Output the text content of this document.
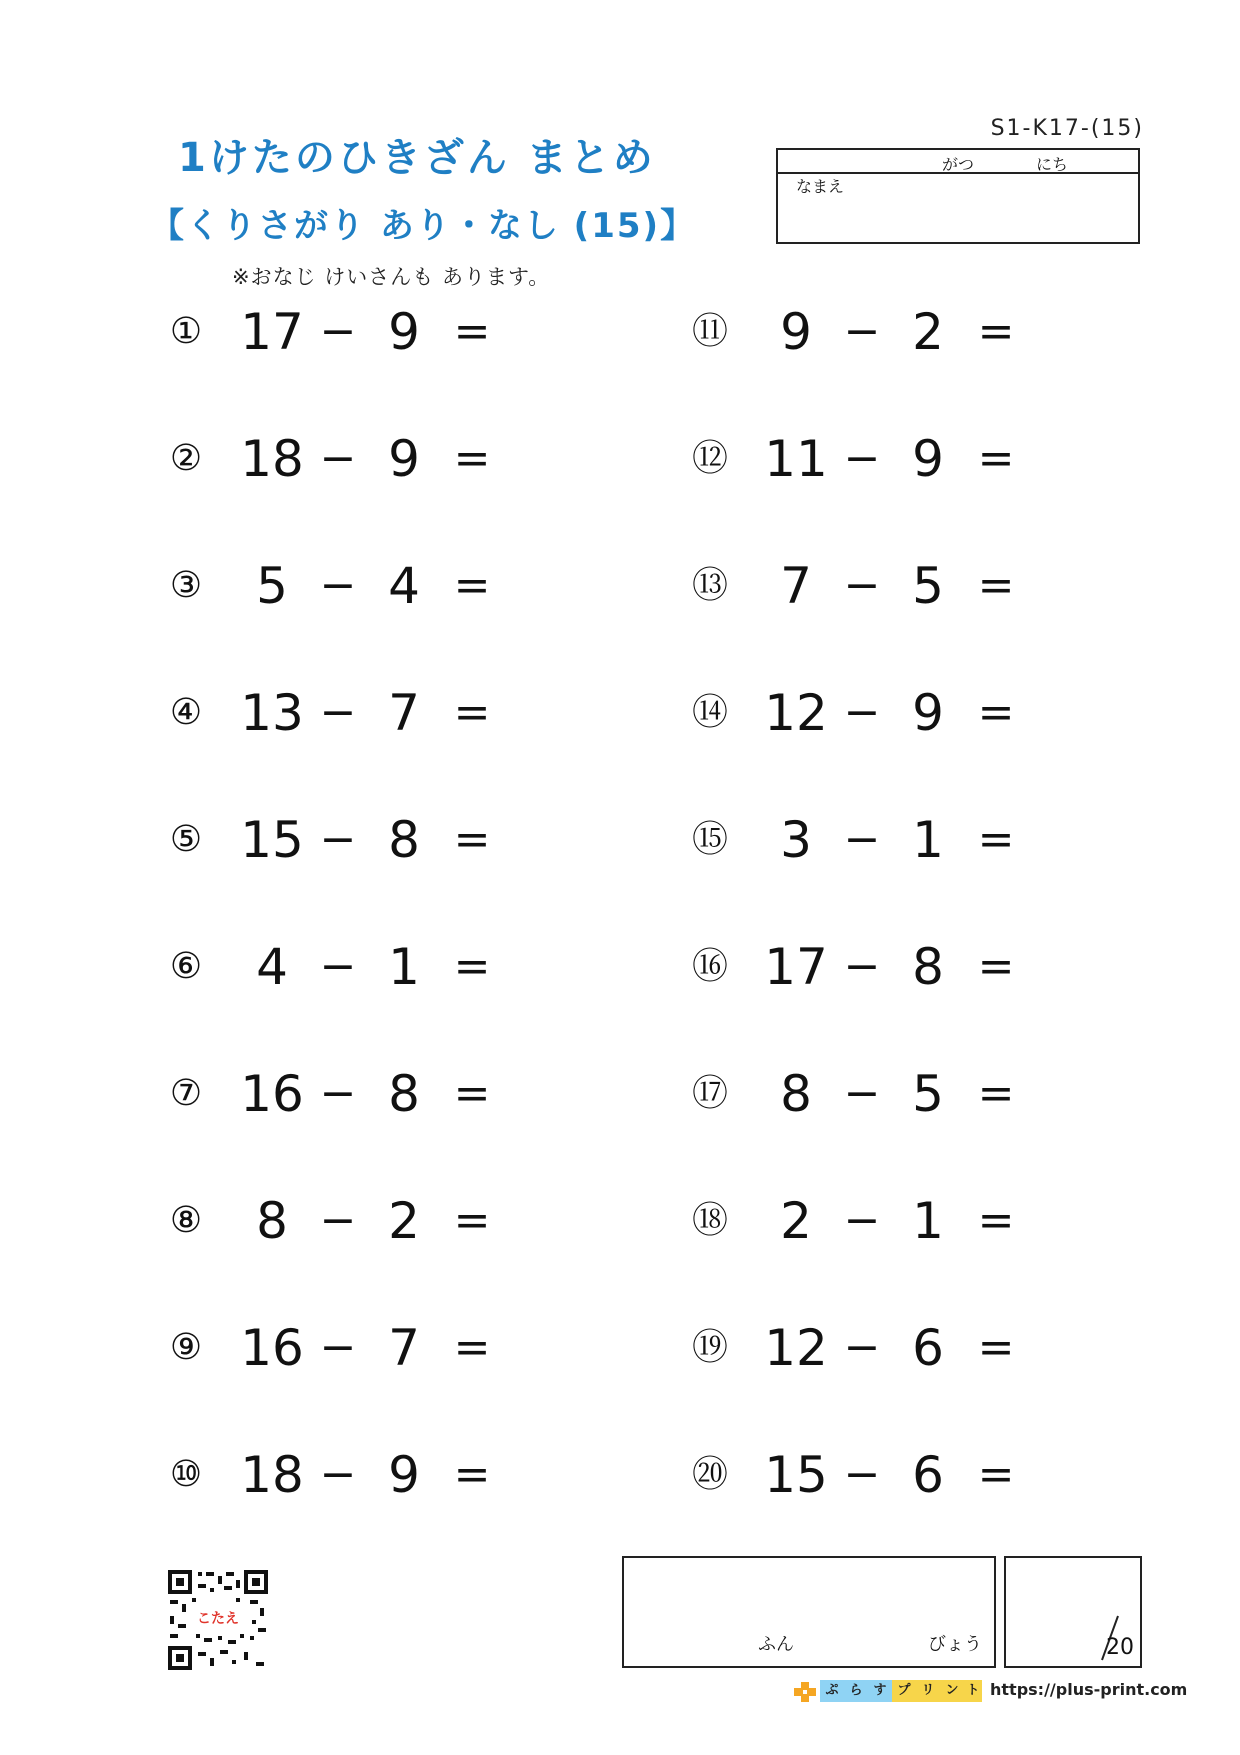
1けたのひきざん まとめ
【くりさがり あり・なし (15)】
S1-K17-(15)
※おなじ けいさんも あります。
がつ	にち
なまえ
① 17 − 9 =
② 18 − 9 =
③	5 − 4 =
④ 13 − 7 =
⑤ 15 − 8 =
⑥	4 − 1 =
⑦ 16 − 8 =
⑧	8 − 2 =
⑨ 16 − 7 =
⑩ 18 − 9 =
⑪	9 − 2 =
⑫ 11 − 9 =
⑬	7 − 5 =
⑭ 12 − 9 =
⑮	3 − 1 =
⑯ 17 − 8 =
⑰	8 − 5 =
⑱	2 − 1 =
⑲ 12 − 6 =
⑳ 15 − 6 =
こたえ
ふん	びょう	20
ぷ ら す プ リ ン ト https://plus-print.com
